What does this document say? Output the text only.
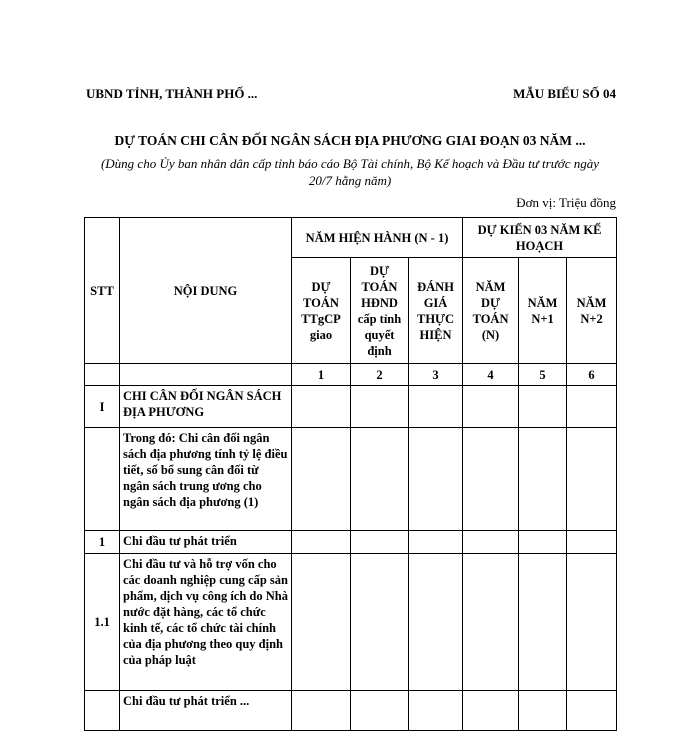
UBND TỈNH, THÀNH PHỐ ...	MẪU BIỂU SỐ 04
DỰ TOÁN CHI CÂN ĐỐI NGÂN SÁCH ĐỊA PHƯƠNG GIAI ĐOẠN 03 NĂM ...
(Dùng cho Ủy ban nhân dân cấp tỉnh báo cáo Bộ Tài chính, Bộ Kế hoạch và Đầu tư trước ngày 20/7 hằng năm)
Đơn vị: Triệu đồng
STT	NỘI DUNG	NĂM HIỆN HÀNH (N - 1)			DỰ KIẾN 03 NĂM KẾ HOẠCH		
		DỰ TOÁN TTgCP giao	DỰ TOÁN HĐND cấp tỉnh quyết định	ĐÁNH GIÁ THỰC HIỆN	NĂM DỰ TOÁN (N)	NĂM N+1	NĂM N+2
		1	2	3	4	5	6
I	CHI CÂN ĐỐI NGÂN SÁCH ĐỊA PHƯƠNG						
	Trong đó: Chi cân đối ngân sách địa phương tính tỷ lệ điều tiết, số bổ sung cân đối từ ngân sách trung ương cho ngân sách địa phương (1)						
1	Chi đầu tư phát triển						
1.1	Chi đầu tư và hỗ trợ vốn cho các doanh nghiệp cung cấp sản phẩm, dịch vụ công ích do Nhà nước đặt hàng, các tổ chức kinh tế, các tổ chức tài chính của địa phương theo quy định của pháp luật						
	Chi đầu tư phát triển ...						
